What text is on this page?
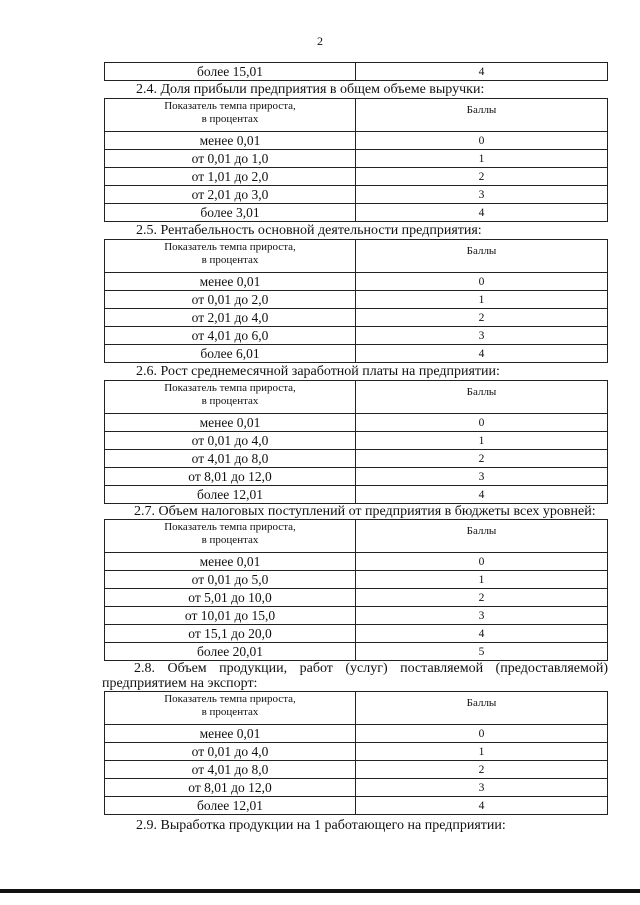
2
более 15,01	4
2.4. Доля прибыли предприятия в общем объеме выручки:
Показатель темпа прироста,
в процентах	Баллы
менее 0,01	0
от 0,01 до 1,0	1
от 1,01 до 2,0	2
от 2,01 до 3,0	3
более 3,01	4
2.5. Рентабельность основной деятельности предприятия:
Показатель темпа прироста,
в процентах	Баллы
менее 0,01	0
от 0,01 до 2,0	1
от 2,01 до 4,0	2
от 4,01 до 6,0	3
более 6,01	4
2.6. Рост среднемесячной заработной платы на предприятии:
Показатель темпа прироста,
в процентах	Баллы
менее 0,01	0
от 0,01 до 4,0	1
от 4,01 до 8,0	2
от 8,01 до 12,0	3
более 12,01	4
2.7. Объем налоговых поступлений от предприятия в бюджеты всех уровней:
Показатель темпа прироста,
в процентах	Баллы
менее 0,01	0
от 0,01 до 5,0	1
от 5,01 до 10,0	2
от 10,01 до 15,0	3
от 15,1 до 20,0	4
более 20,01	5
2.8. Объем продукции, работ (услуг) поставляемой (предоставляемой) предприятием на экспорт:
Показатель темпа прироста,
в процентах	Баллы
менее 0,01	0
от 0,01 до 4,0	1
от 4,01 до 8,0	2
от 8,01 до 12,0	3
более 12,01	4
2.9. Выработка продукции на 1 работающего на предприятии:
